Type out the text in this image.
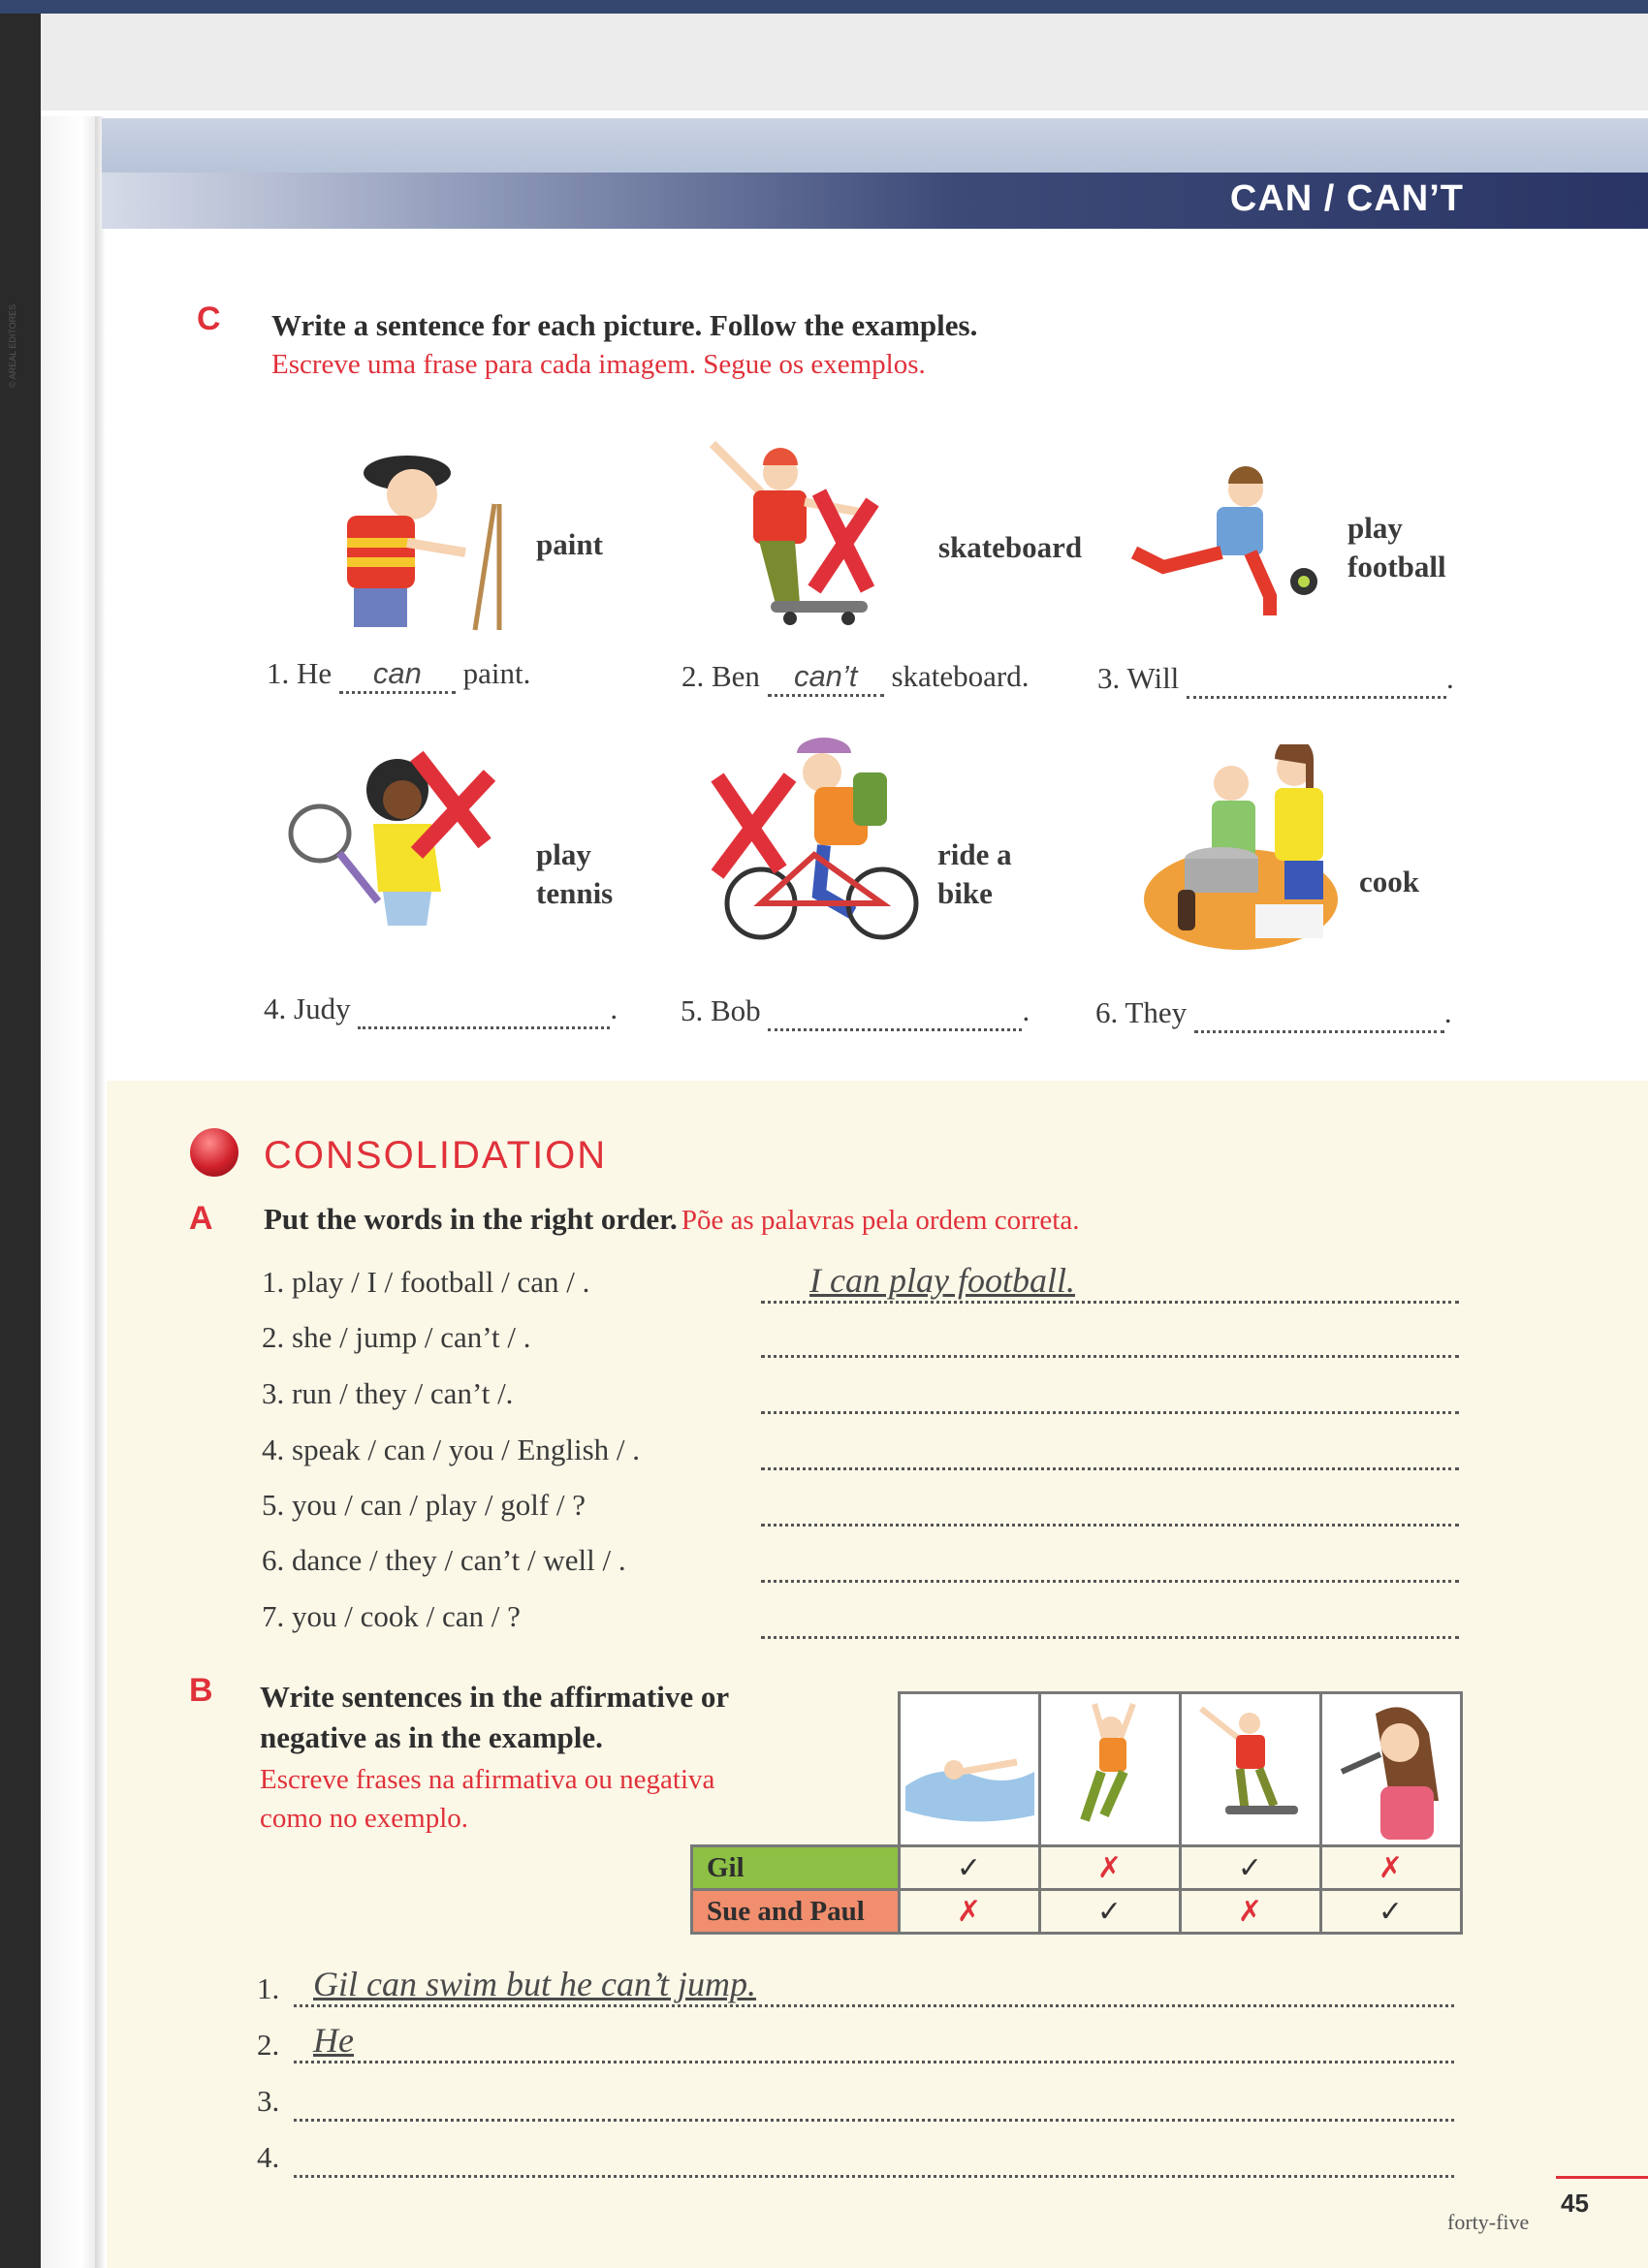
© AREAL EDITORES
CAN / CAN’T
C Write a sentence for each picture. Follow the examples.
Escreve uma frase para cada imagem. Segue os exemplos.
paint	skateboard
play
football
1. He can paint.	2. Ben can’t skateboard. 3. Will	.
play
tennis
ride a
bike	cook
4. Judy	. 5. Bob	. 6. They	.
CONSOLIDATION
A Put the words in the right order. Põe as palavras pela ordem correta.
1. play / I / football / can / .
2. she / jump / can’t / .
3. run / they / can’t /.
4. speak / can / you / English / .
5. you / can / play / golf / ?
6. dance / they / can’t / well / .
7. you / cook / can / ?
I can play football.
B Write sentences in the affirmative or
negative as in the example.
Escreve frases na afirmativa ou negativa
como no exemplo.

Gil	✓	✗	✓	✗
Sue and Paul	✗	✓	✗	✓
1. Gil can swim but he can’t jump.
2. He
3.
4.
45
forty-five
